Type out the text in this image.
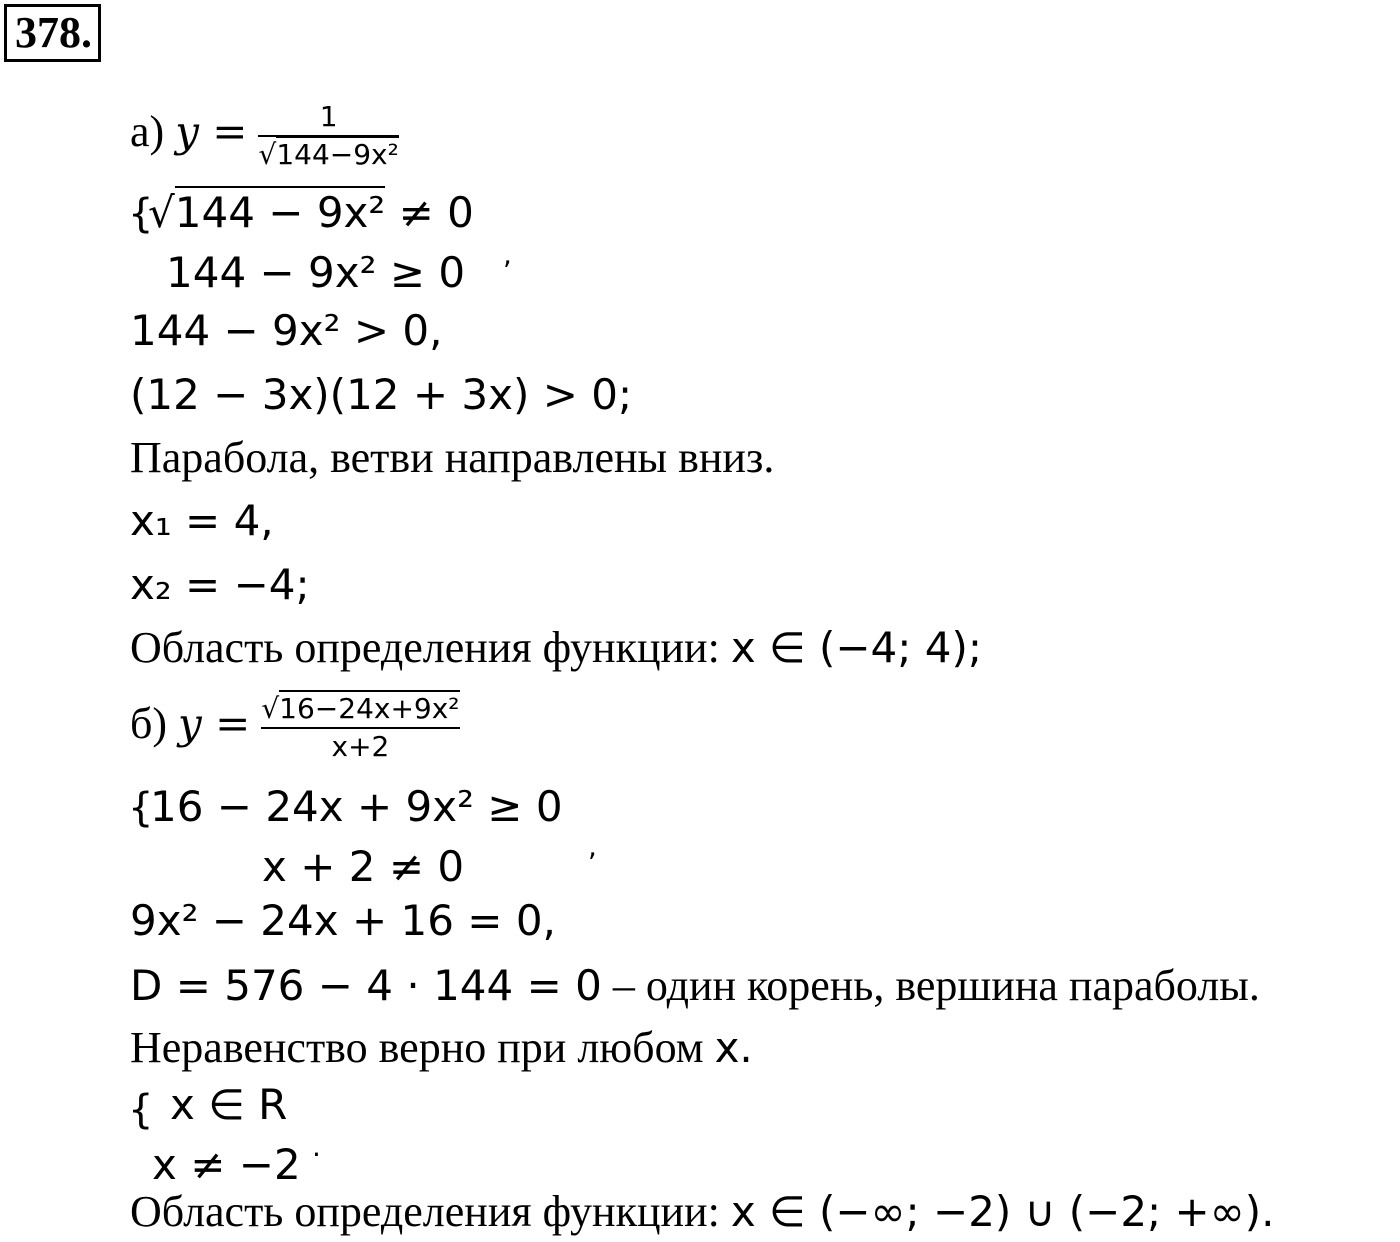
378.
а) $y = \frac{1}{\text{√144−9x²}}$
{
√144 − 9x² ≠ 0
144 − 9x² ≥ 0 ,
144 − 9x² > 0,
(12 − 3x)(12 + 3x) > 0;
Парабола, ветви направлены вниз.
x₁ = 4,
x₂ = −4;
Область определения функции: x ∈ (−4; 4);
б) $y = \frac{\text{√16−24x+9x²}}{x+2}$
{
16 − 24x + 9x² ≥ 0
x + 2 ≠ 0	,
9x² − 24x + 16 = 0,
D = 576 − 4 · 144 = 0 – один корень, вершина параболы.
Неравенство верно при любом x.
{ x ∈ R
x ≠ −2 .
Область определения функции: x ∈ (−∞; −2) ∪ (−2; +∞).
